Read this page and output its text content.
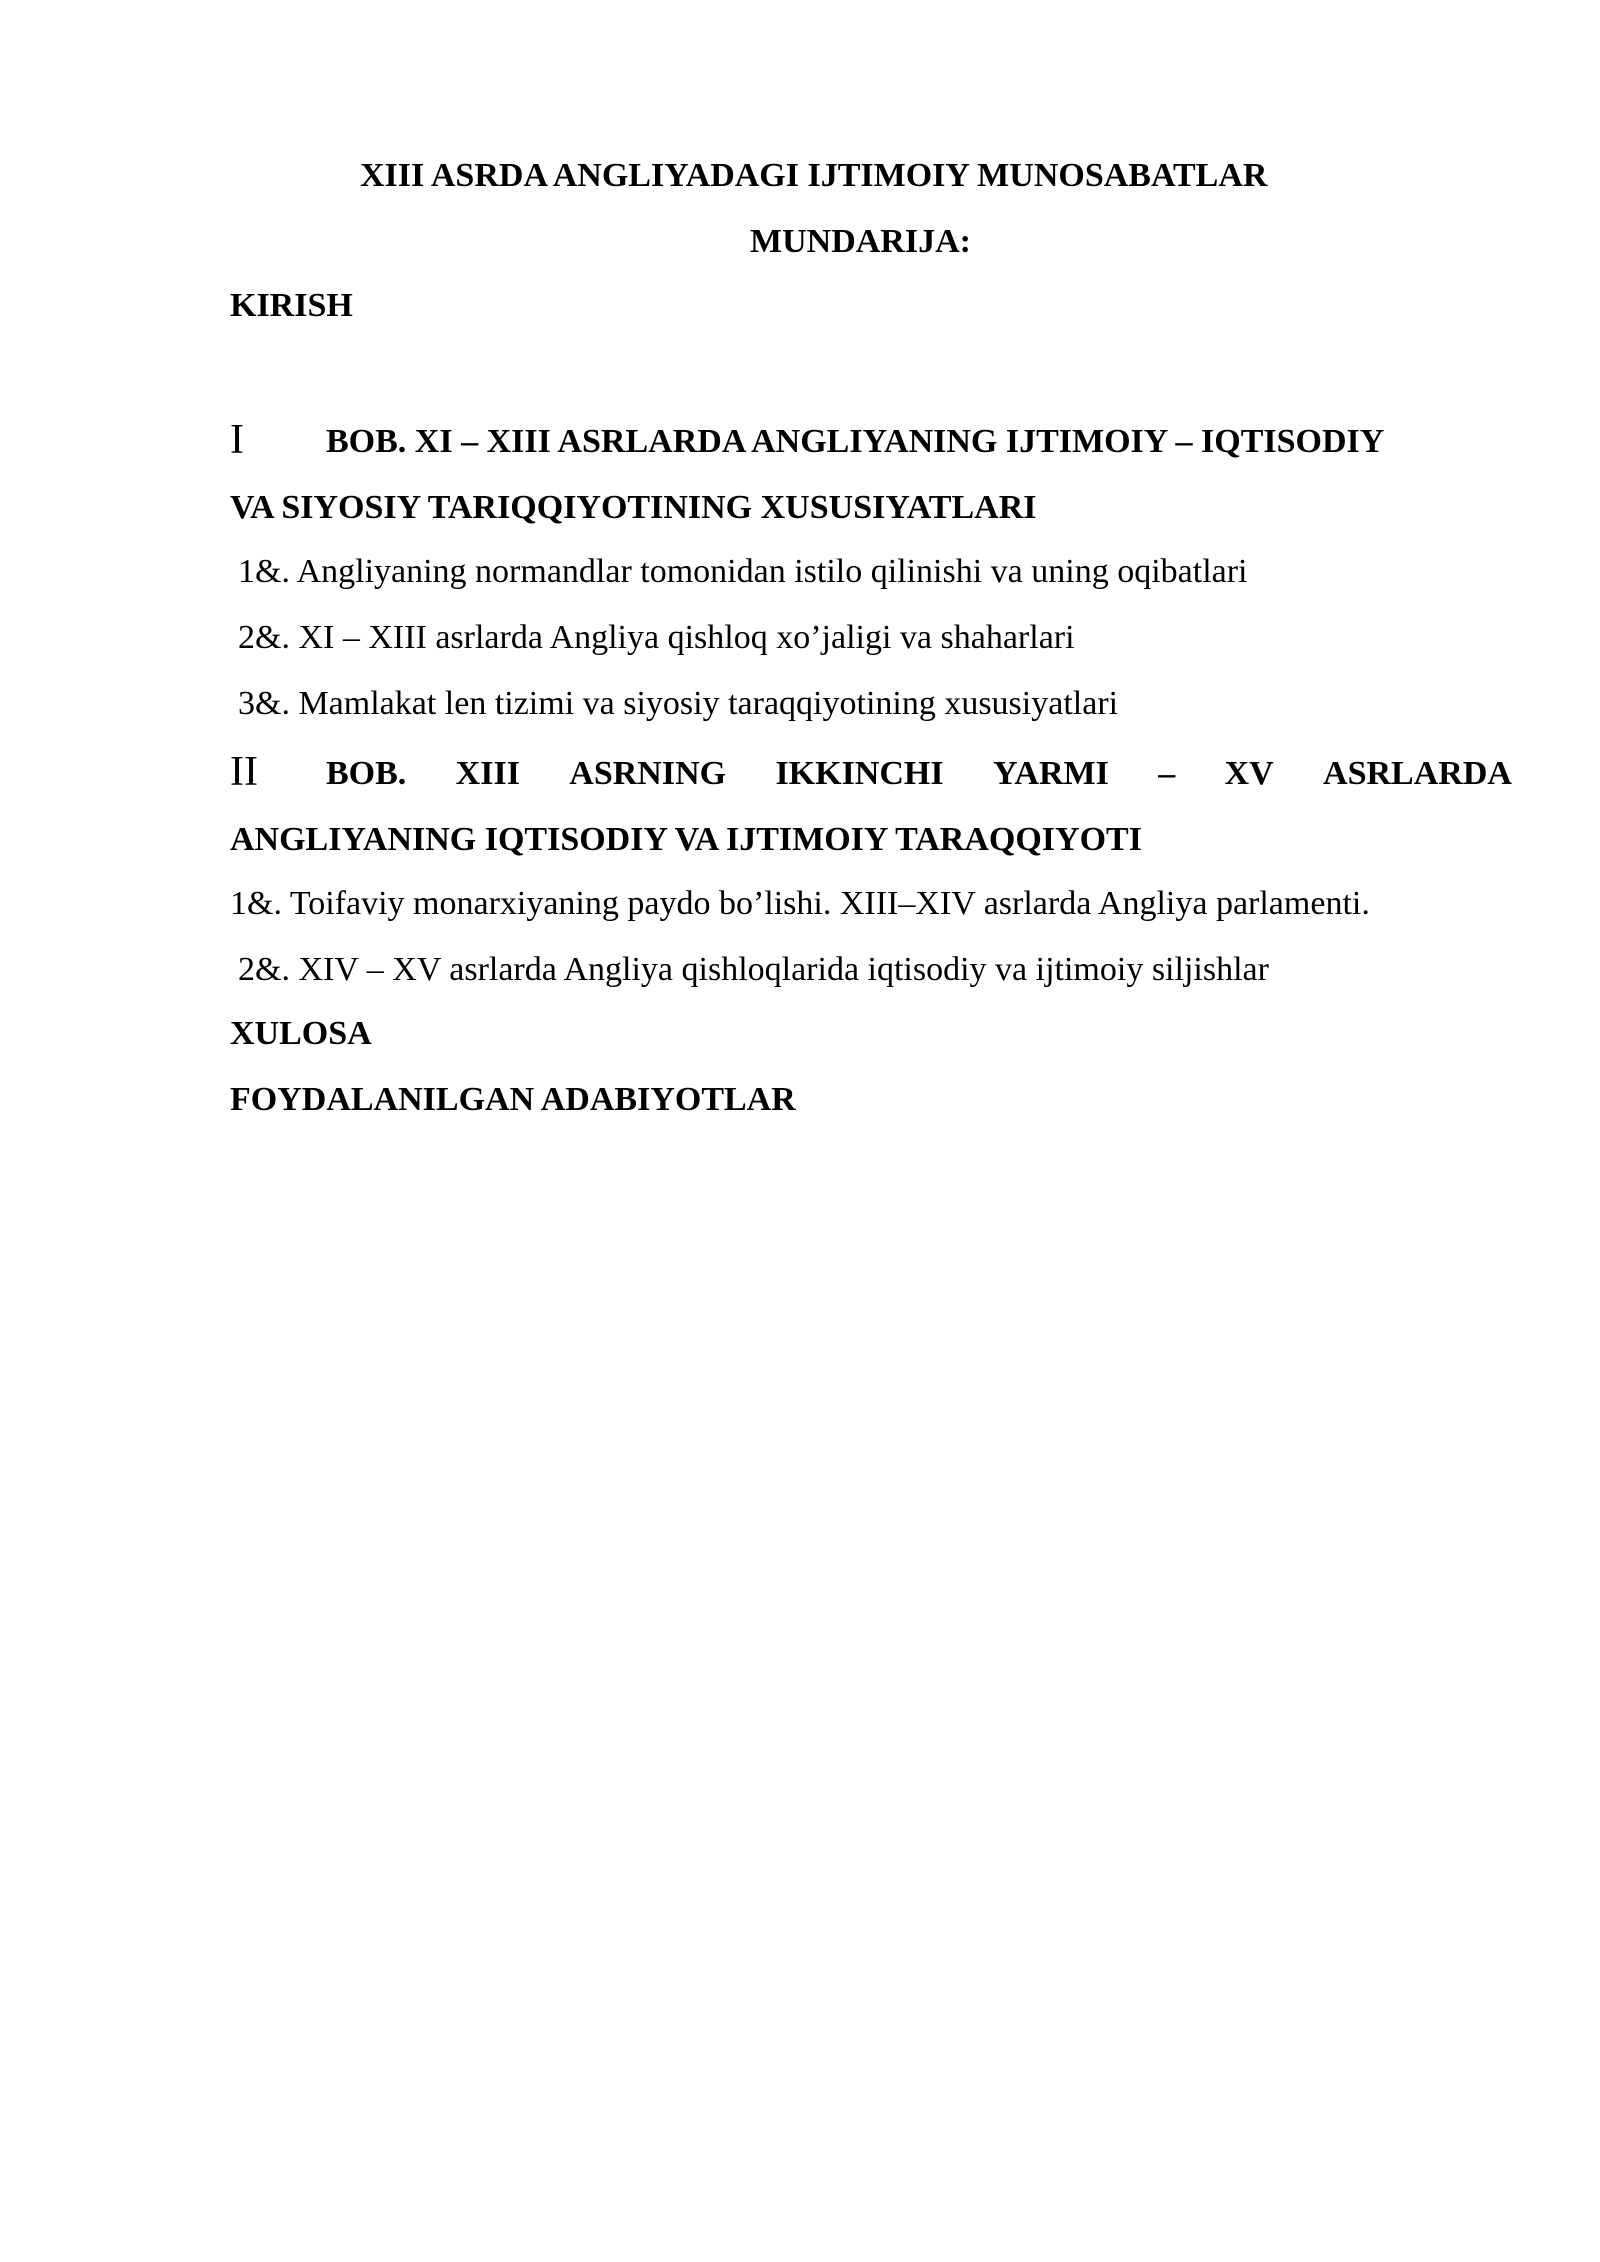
XIII ASRDA ANGLIYADAGI IJTIMOIY MUNOSABATLAR
MUNDARIJA:
KIRISH
I BOB. XI – XIII ASRLARDA ANGLIYANING IJTIMOIY – IQTISODIY
VA SIYOSIY TARIQQIYOTINING XUSUSIYATLARI
1&. Angliyaning normandlar tomonidan istilo qilinishi va uning oqibatlari
2&. XI – XIII asrlarda Angliya qishloq xo’jaligi va shaharlari
3&. Mamlakat len tizimi va siyosiy taraqqiyotining xususiyatlari
II BOB. XIII ASRNING IKKINCHI YARMI – XV ASRLARDA
ANGLIYANING IQTISODIY VA IJTIMOIY TARAQQIYOTI
1&. Toifaviy monarxiyaning paydo bo’lishi. XIII–XIV asrlarda Angliya parlamenti.
2&. XIV – XV asrlarda Angliya qishloqlarida iqtisodiy va ijtimoiy siljishlar
XULOSA
FOYDALANILGAN ADABIYOTLAR
